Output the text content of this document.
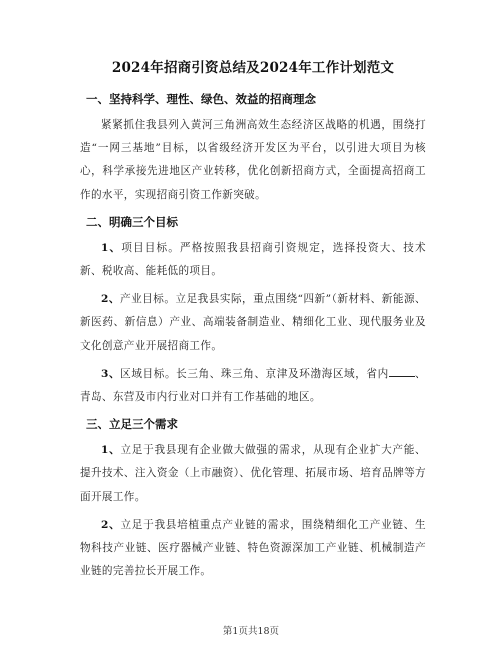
2024年招商引资总结及2024年工作计划范文
一、坚持科学、理性、绿色、效益的招商理念

紧紧抓住我县列入黄河三角洲高效生态经济区战略的机遇，围绕打造“一网三基地”目标，以省级经济开发区为平台，以引进大项目为核心，科学承接先进地区产业转移，优化创新招商方式，全面提高招商工作的水平，实现招商引资工作新突破。

二、明确三个目标

1、项目目标。严格按照我县招商引资规定，选择投资大、技术新、税收高、能耗低的项目。

2、产业目标。立足我县实际，重点围绕“四新”（新材料、新能源、新医药、新信息）产业、高端装备制造业、精细化工业、现代服务业及文化创意产业开展招商工作。

3、区域目标。长三角、珠三角、京津及环渤海区域，省内 、青岛、东营及市内行业对口并有工作基础的地区。

三、立足三个需求

1、立足于我县现有企业做大做强的需求，从现有企业扩大产能、提升技术、注入资金（上市融资）、优化管理、拓展市场、培育品牌等方面开展工作。

2、立足于我县培植重点产业链的需求，围绕精细化工产业链、生物科技产业链、医疗器械产业链、特色资源深加工产业链、机械制造产业链的完善拉长开展工作。

第1页共18页
